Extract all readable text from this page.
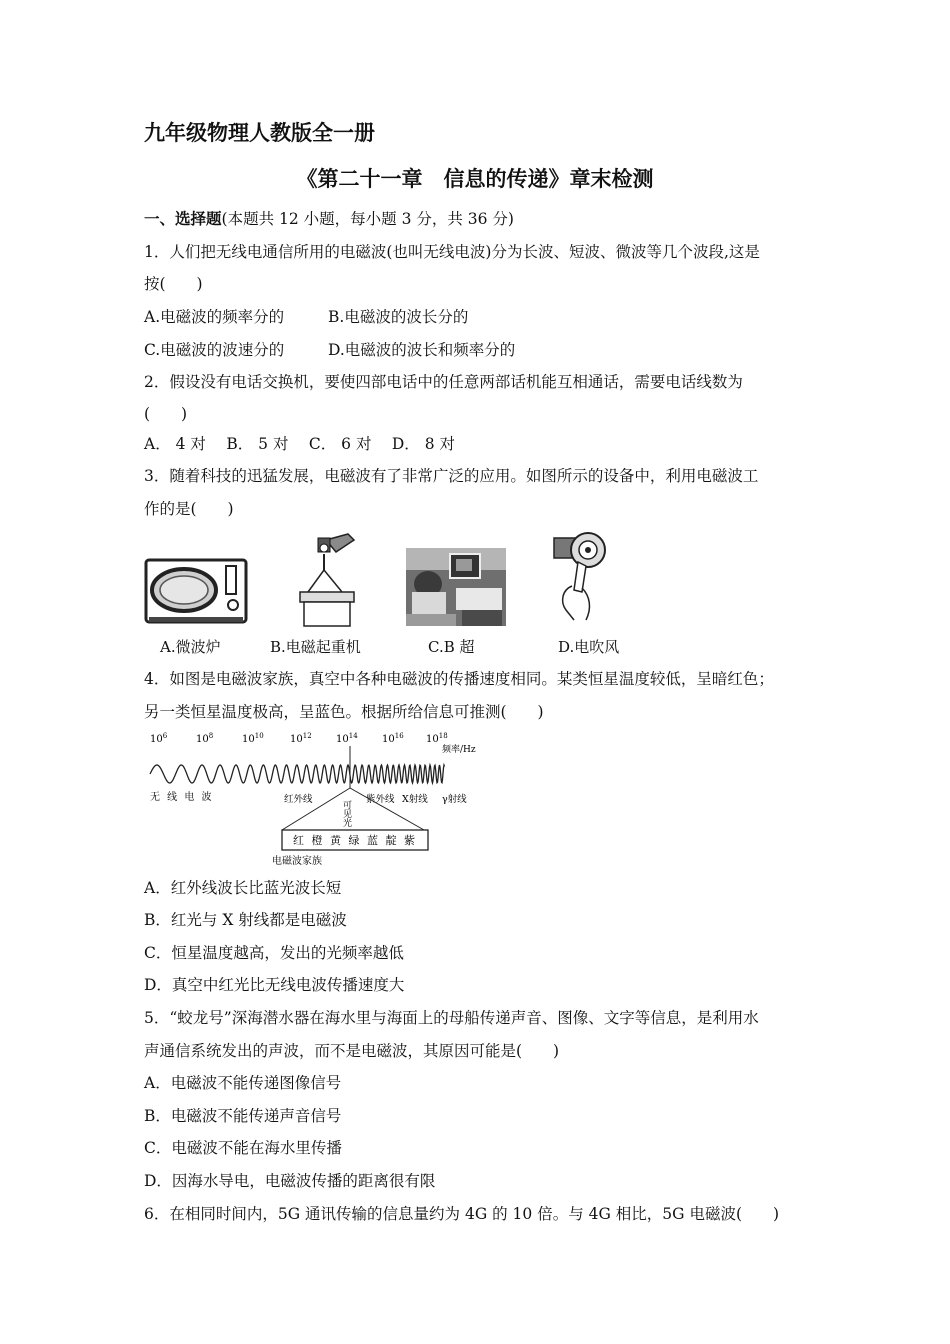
九年级物理人教版全一册
《第二十一章　信息的传递》章末检测
一、选择题(本题共 12 小题，每小题 3 分，共 36 分)
1．人们把无线电通信所用的电磁波(也叫无线电波)分为长波、短波、微波等几个波段,这是
按(　　)
A.电磁波的频率分的	B.电磁波的波长分的
C.电磁波的波速分的	D.电磁波的波长和频率分的
2．假设没有电话交换机，要使四部电话中的任意两部话机能互相通话，需要电话线数为
(　　)
A． 4 对　 B． 5 对　 C． 6 对　 D． 8 对
3．随着科技的迅猛发展，电磁波有了非常广泛的应用。如图所示的设备中，利用电磁波工
作的是(　　)
A.微波炉	B.电磁起重机	C.B 超	D.电吹风
4．如图是电磁波家族，真空中各种电磁波的传播速度相同。某类恒星温度较低，呈暗红色；
另一类恒星温度极高，呈蓝色。根据所给信息可推测(　　)
$10^6$	$10^8$	$10^{10}$	$10^{12}$ $10^{14}$ $10^{16}$ $10^{18}$
频率/Hz
无 线 电 波	红外线	紫外线 X射线 γ射线
可见光
红 橙 黄 绿 蓝 靛 紫
电磁波家族
A．红外线波长比蓝光波长短
B．红光与 X 射线都是电磁波
C．恒星温度越高，发出的光频率越低
D．真空中红光比无线电波传播速度大
5．“蛟龙号”深海潜水器在海水里与海面上的母船传递声音、图像、文字等信息，是利用水
声通信系统发出的声波，而不是电磁波，其原因可能是(　　)
A．电磁波不能传递图像信号
B．电磁波不能传递声音信号
C．电磁波不能在海水里传播
D．因海水导电，电磁波传播的距离很有限
6．在相同时间内，5G 通讯传输的信息量约为 4G 的 10 倍。与 4G 相比，5G 电磁波(　　)
